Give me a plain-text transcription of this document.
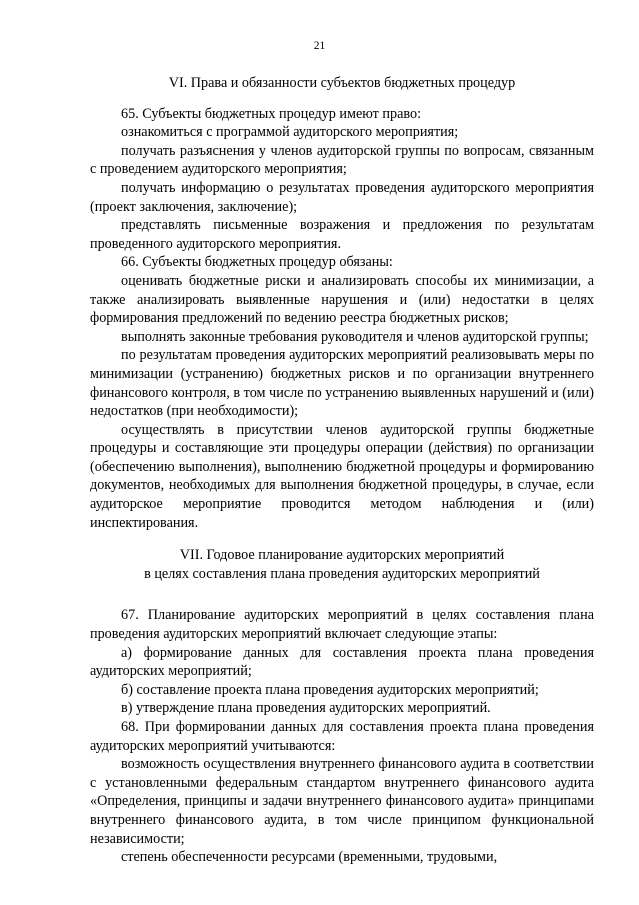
21

VI. Права и обязанности субъектов бюджетных процедур

65. Субъекты бюджетных процедур имеют право:

ознакомиться с программой аудиторского мероприятия;

получать разъяснения у членов аудиторской группы по вопросам, связанным с проведением аудиторского мероприятия;

получать информацию о результатах проведения аудиторского мероприятия (проект заключения, заключение);

представлять письменные возражения и предложения по результатам проведенного аудиторского мероприятия.

66. Субъекты бюджетных процедур обязаны:

оценивать бюджетные риски и анализировать способы их минимизации, а также анализировать выявленные нарушения и (или) недостатки в целях формирования предложений по ведению реестра бюджетных рисков;

выполнять законные требования руководителя и членов аудиторской группы;

по результатам проведения аудиторских мероприятий реализовывать меры по минимизации (устранению) бюджетных рисков и по организации внутреннего финансового контроля, в том числе по устранению выявленных нарушений и (или) недостатков (при необходимости);

осуществлять в присутствии членов аудиторской группы бюджетные процедуры и составляющие эти процедуры операции (действия) по организации (обеспечению выполнения), выполнению бюджетной процедуры и формированию документов, необходимых для выполнения бюджетной процедуры, в случае, если аудиторское мероприятие проводится методом наблюдения и (или) инспектирования.

VII. Годовое планирование аудиторских мероприятий

в целях составления плана проведения аудиторских мероприятий

67. Планирование аудиторских мероприятий в целях составления плана проведения аудиторских мероприятий включает следующие этапы:

а) формирование данных для составления проекта плана проведения аудиторских мероприятий;

б) составление проекта плана проведения аудиторских мероприятий;

в) утверждение плана проведения аудиторских мероприятий.

68. При формировании данных для составления проекта плана проведения аудиторских мероприятий учитываются:

возможность осуществления внутреннего финансового аудита в соответствии с установленными федеральным стандартом внутреннего финансового аудита «Определения, принципы и задачи внутреннего финансового аудита» принципами внутреннего финансового аудита, в том числе принципом функциональной независимости;

степень обеспеченности ресурсами (временными, трудовыми,
